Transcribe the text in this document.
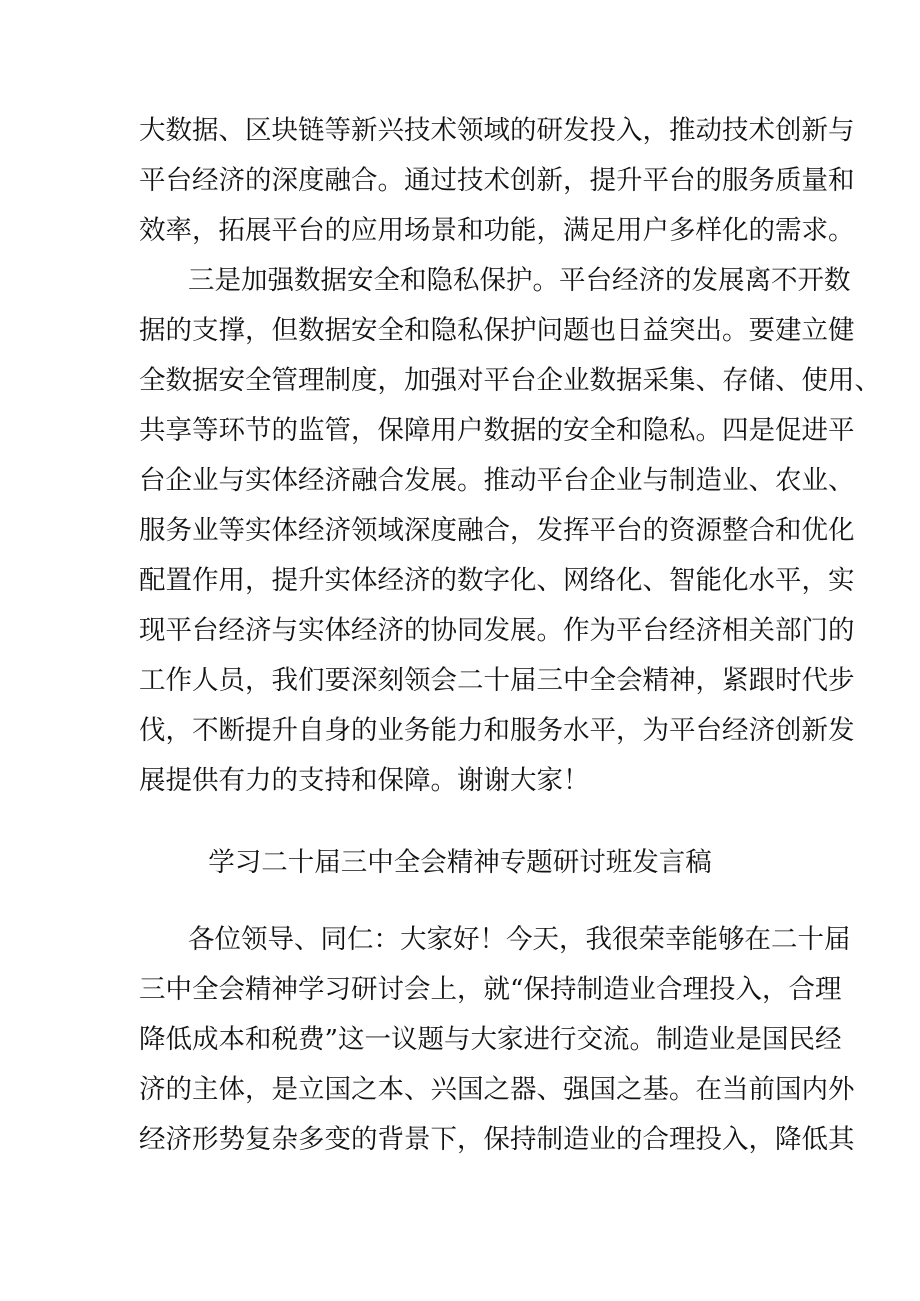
大数据、区块链等新兴技术领域的研发投入，推动技术创新与

平台经济的深度融合。通过技术创新，提升平台的服务质量和

效率，拓展平台的应用场景和功能，满足用户多样化的需求。

三是加强数据安全和隐私保护。平台经济的发展离不开数

据的支撑，但数据安全和隐私保护问题也日益突出。要建立健

全数据安全管理制度，加强对平台企业数据采集、存储、使用、

共享等环节的监管，保障用户数据的安全和隐私。四是促进平

台企业与实体经济融合发展。推动平台企业与制造业、农业、

服务业等实体经济领域深度融合，发挥平台的资源整合和优化

配置作用，提升实体经济的数字化、网络化、智能化水平，实

现平台经济与实体经济的协同发展。作为平台经济相关部门的

工作人员，我们要深刻领会二十届三中全会精神，紧跟时代步

伐，不断提升自身的业务能力和服务水平，为平台经济创新发

展提供有力的支持和保障。谢谢大家！

学习二十届三中全会精神专题研讨班发言稿

各位领导、同仁：大家好！今天，我很荣幸能够在二十届

三中全会精神学习研讨会上，就“保持制造业合理投入，合理

降低成本和税费”这一议题与大家进行交流。制造业是国民经

济的主体，是立国之本、兴国之器、强国之基。在当前国内外

经济形势复杂多变的背景下，保持制造业的合理投入，降低其
